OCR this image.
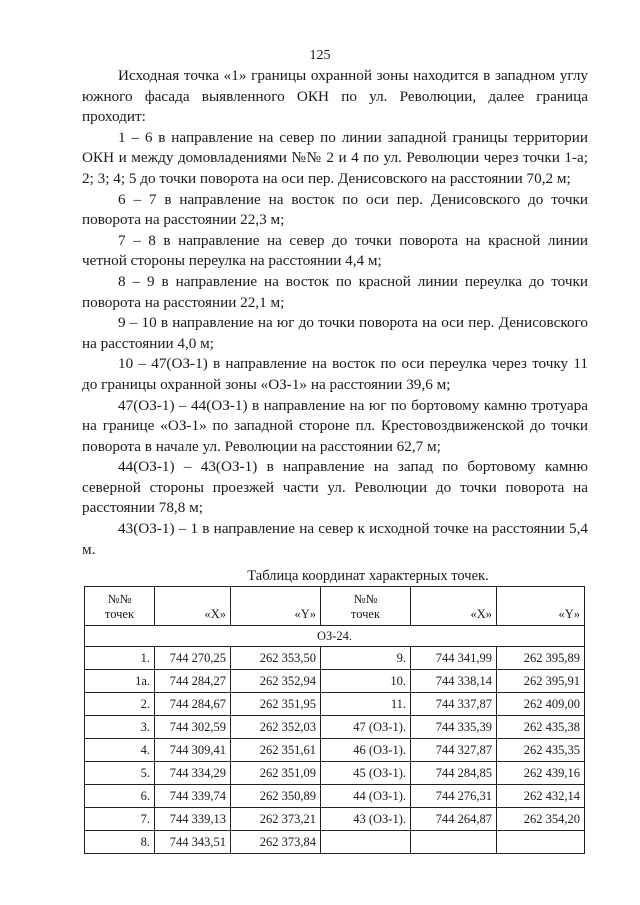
125

Исходная точка «1» границы охранной зоны находится в западном углу южного фасада выявленного ОКН по ул. Революции, далее граница проходит:

1 – 6 в направление на север по линии западной границы территории ОКН и между домовладениями №№ 2 и 4 по ул. Революции через точки 1-а; 2; 3; 4; 5 до точки поворота на оси пер. Денисовского на расстоянии 70,2 м;

6 – 7 в направление на восток по оси пер. Денисовского до точки поворота на расстоянии 22,3 м;

7 – 8 в направление на север до точки поворота на красной линии четной стороны переулка на расстоянии 4,4 м;

8 – 9 в направление на восток по красной линии переулка до точки поворота на расстоянии 22,1 м;

9 – 10 в направление на юг до точки поворота на оси пер. Денисовского на расстоянии 4,0 м;

10 – 47(ОЗ-1) в направление на восток по оси переулка через точку 11 до границы охранной зоны «ОЗ-1» на расстоянии 39,6 м;

47(ОЗ-1) – 44(ОЗ-1) в направление на юг по бортовому камню тротуара на границе «ОЗ-1» по западной стороне пл. Крестовоздвиженской до точки поворота в начале ул. Революции на расстоянии 62,7 м;

44(ОЗ-1) – 43(ОЗ-1) в направление на запад по бортовому камню северной стороны проезжей части ул. Революции до точки поворота на расстоянии 78,8 м;

43(ОЗ-1) – 1 в направление на север к исходной точке на расстоянии 5,4 м.

Таблица координат характерных точек.
№№			№№		
точек	«X»	«Y»	точек	«X»	«Y»
ОЗ-24.					
1.	744 270,25	262 353,50	9.	744 341,99	262 395,89
1а.	744 284,27	262 352,94	10.	744 338,14	262 395,91
2.	744 284,67	262 351,95	11.	744 337,87	262 409,00
3.	744 302,59	262 352,03	47 (ОЗ-1).	744 335,39	262 435,38
4.	744 309,41	262 351,61	46 (ОЗ-1).	744 327,87	262 435,35
5.	744 334,29	262 351,09	45 (ОЗ-1).	744 284,85	262 439,16
6.	744 339,74	262 350,89	44 (ОЗ-1).	744 276,31	262 432,14
7.	744 339,13	262 373,21	43 (ОЗ-1).	744 264,87	262 354,20
8.	744 343,51	262 373,84			
